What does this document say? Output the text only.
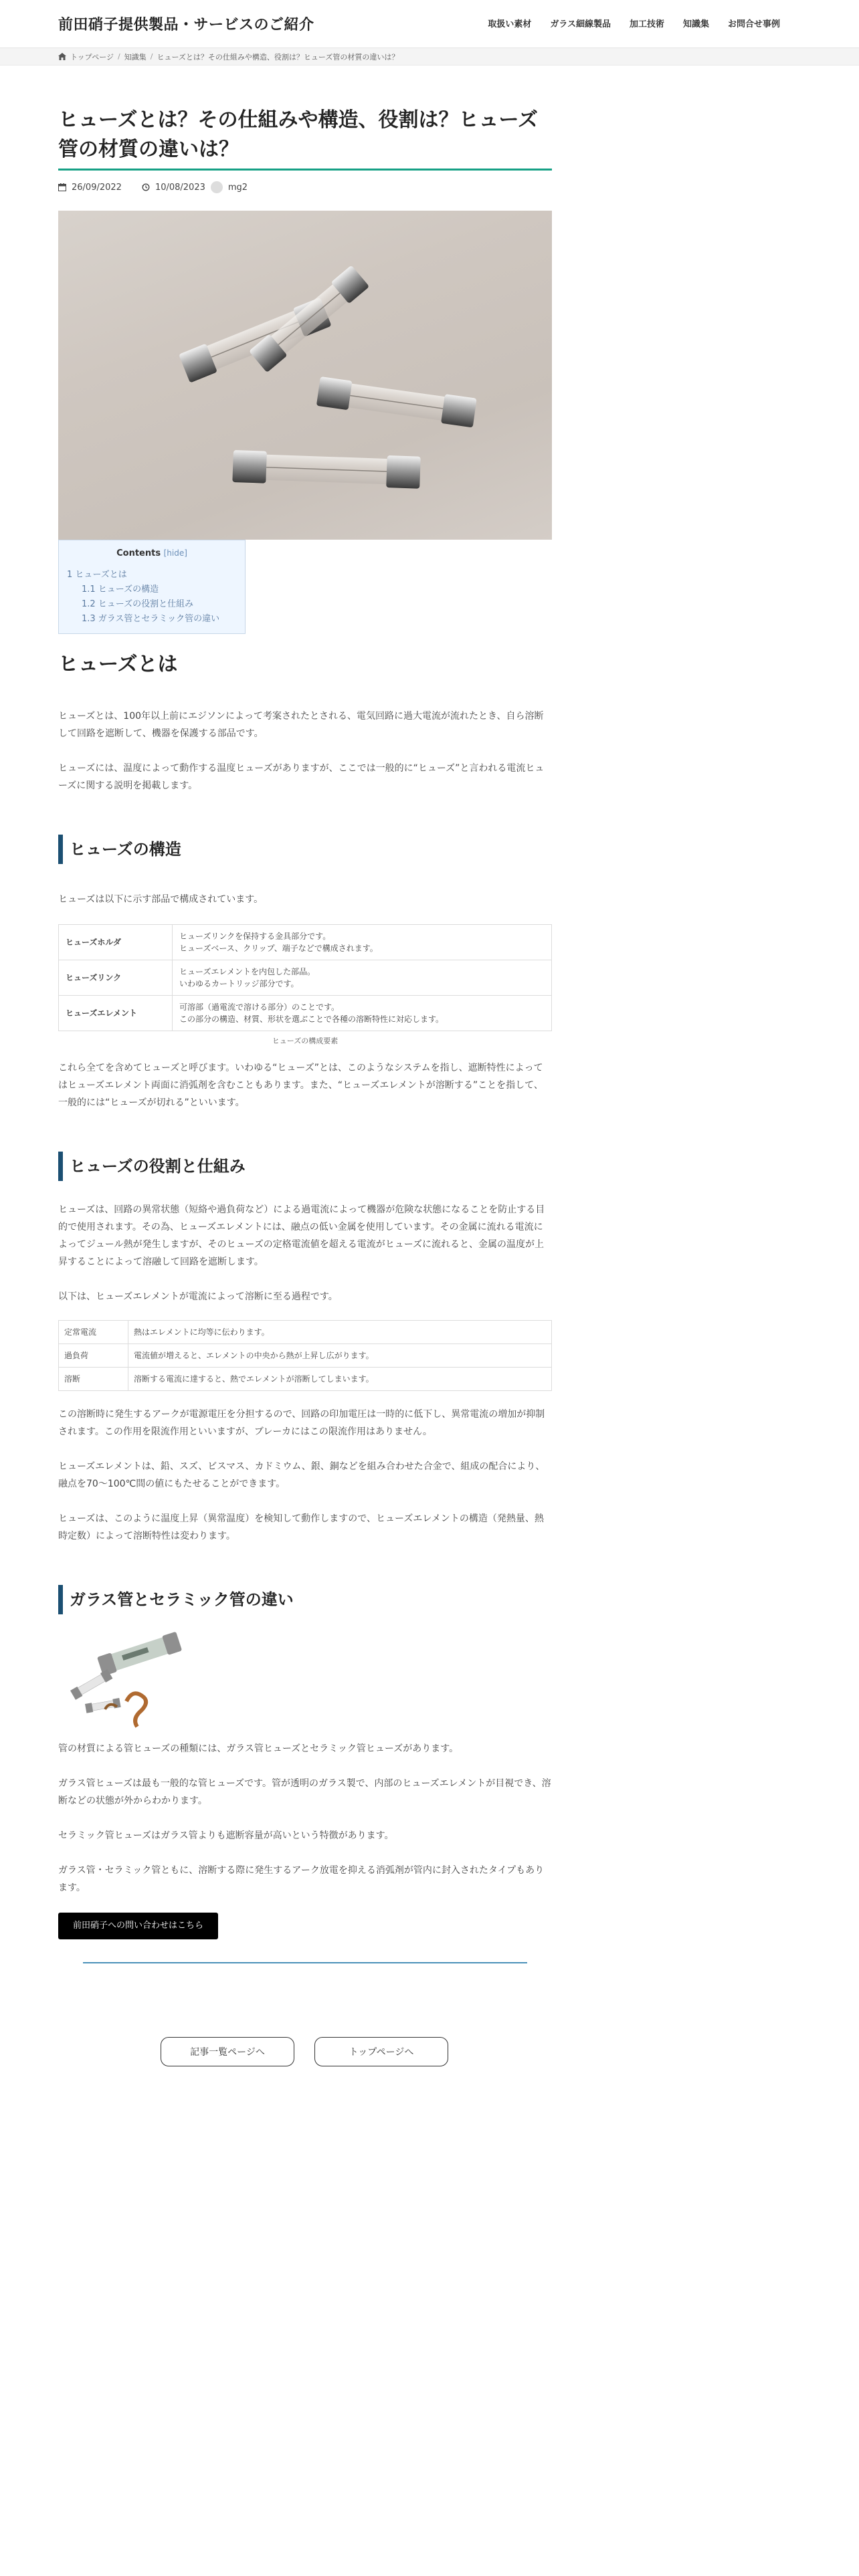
前田硝子提供製品・サービスのご紹介	取扱い素材	ガラス細線製品	加工技術	知識集	お問合せ事例
トップページ / 知識集 / ヒューズとは？その仕組みや構造、役割は？ヒューズ管の材質の違いは？
ヒューズとは？その仕組みや構造、役割は？ヒューズ管の材質の違いは？
26/09/2022	10/08/2023	mg2
Contents [hide]
1 ヒューズとは
1.1 ヒューズの構造
1.2 ヒューズの役割と仕組み
1.3 ガラス管とセラミック管の違い
ヒューズとは

ヒューズとは、100年以上前にエジソンによって考案されたとされる、電気回路に過大電流が流れたとき、自ら溶断して回路を遮断して、機器を保護する部品です。

ヒューズには、温度によって動作する温度ヒューズがありますが、ここでは一般的に“ヒューズ”と言われる電流ヒューズに関する説明を掲載します。

ヒューズの構造

ヒューズは以下に示す部品で構成されています。

ヒューズホルダ	ヒューズリンクを保持する金具部分です。
ヒューズベース、クリップ、端子などで構成されます。
ヒューズリンク	ヒューズエレメントを内包した部品。
いわゆるカートリッジ部分です。
ヒューズエレメント	可溶部（過電流で溶ける部分）のことです。
この部分の構造、材質、形状を選ぶことで各種の溶断特性に対応します。
ヒューズの構成要素

これら全てを含めてヒューズと呼びます。いわゆる“ヒューズ”とは、このようなシステムを指し、遮断特性によってはヒューズエレメント両面に消弧剤を含むこともあります。また、“ヒューズエレメントが溶断する”ことを指して、一般的には“ヒューズが切れる”といいます。

ヒューズの役割と仕組み

ヒューズは、回路の異常状態（短絡や過負荷など）による過電流によって機器が危険な状態になることを防止する目的で使用されます。その為、ヒューズエレメントには、融点の低い金属を使用しています。その金属に流れる電流によってジュール熱が発生しますが、そのヒューズの定格電流値を超える電流がヒューズに流れると、金属の温度が上昇することによって溶融して回路を遮断します。

以下は、ヒューズエレメントが電流によって溶断に至る過程です。

定常電流	熱はエレメントに均等に伝わります。
過負荷	電流値が増えると、エレメントの中央から熱が上昇し広がります。
溶断	溶断する電流に達すると、熱でエレメントが溶断してしまいます。

この溶断時に発生するアークが電源電圧を分担するので、回路の印加電圧は一時的に低下し、異常電流の増加が抑制されます。この作用を限流作用といいますが、ブレーカにはこの限流作用はありません。

ヒューズエレメントは、鉛、スズ、ビスマス、カドミウム、銀、銅などを組み合わせた合金で、組成の配合により、融点を70〜100℃間の値にもたせることができます。

ヒューズは、このように温度上昇（異常温度）を検知して動作しますので、ヒューズエレメントの構造（発熱量、熱時定数）によって溶断特性は変わります。

ガラス管とセラミック管の違い

管の材質による管ヒューズの種類には、ガラス管ヒューズとセラミック管ヒューズがあります。

ガラス管ヒューズは最も一般的な管ヒューズです。管が透明のガラス製で、内部のヒューズエレメントが目視でき、溶断などの状態が外からわかります。

セラミック管ヒューズはガラス管よりも遮断容量が高いという特徴があります。

ガラス管・セラミック管ともに、溶断する際に発生するアーク放電を抑える消弧剤が管内に封入されたタイプもあります。

前田硝子への問い合わせはこちら
記事一覧ページへ	トップページへ
